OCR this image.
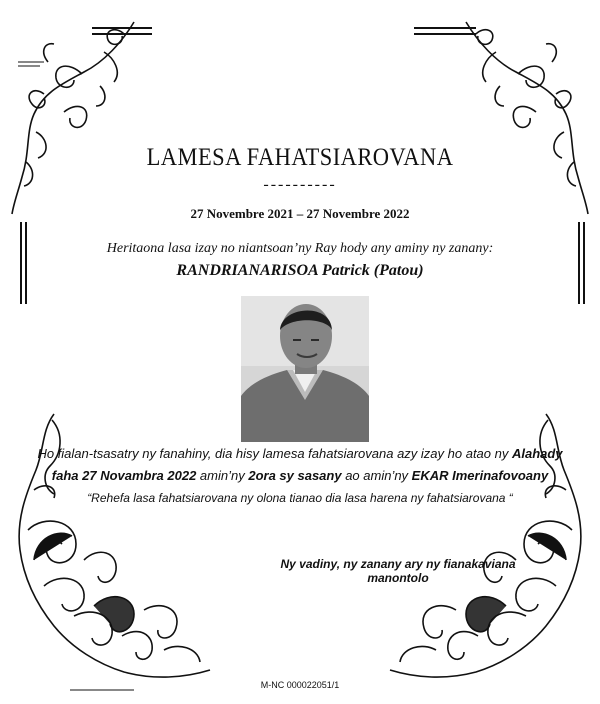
LAMESA FAHATSIAROVANA
----------
27 Novembre 2021 – 27 Novembre 2022
Heritaona lasa izay no niantsoan’ny Ray hody any aminy ny zanany:
RANDRIANARISOA Patrick (Patou)
Ho fialan-tsasatry ny fanahiny, dia hisy lamesa fahatsiarovana azy izay ho atao ny Alahady
faha 27 Novambra 2022 amin’ny 2ora sy sasany ao amin’ny EKAR Imerinafovoany
“Rehefa lasa fahatsiarovana ny olona tianao dia lasa harena ny fahatsiarovana “
Ny vadiny, ny zanany ary ny fianakaviana manontolo
M-NC 000022051/1
